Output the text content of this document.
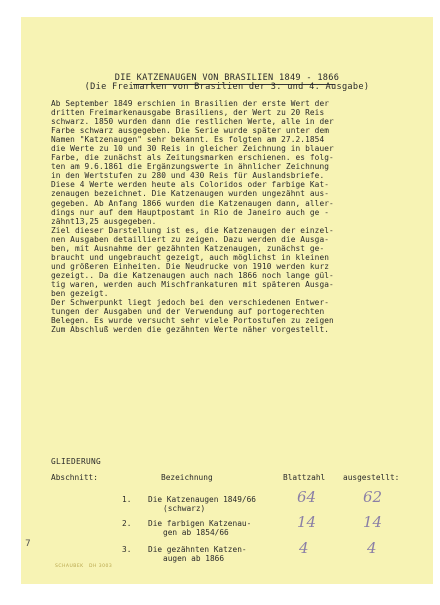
7
DIE KATZENAUGEN VON BRASILIEN 1849 - 1866
(Die Freimarken von Brasilien der 3. und 4. Ausgabe)
Ab September 1849 erschien in Brasilien der erste Wert der
dritten Freimarkenausgabe Brasiliens, der Wert zu 20 Reis
schwarz. 1850 wurden dann die restlichen Werte, alle in der
Farbe schwarz ausgegeben. Die Serie wurde später unter dem
Namen "Katzenaugen" sehr bekannt. Es folgten am 27.2.1854
die Werte zu 10 und 30 Reis in gleicher Zeichnung in blauer
Farbe, die zunächst als Zeitungsmarken erschienen. es folg-
ten am 9.6.1861 die Ergänzungswerte in ähnlicher Zeichnung
in den Wertstufen zu 280 und 430 Reis für Auslandsbriefe.
Diese 4 Werte werden heute als Coloridos oder farbige Kat-
zenaugen bezeichnet. Die Katzenaugen wurden ungezähnt aus-
gegeben. Ab Anfang 1866 wurden die Katzenaugen dann, aller-
dings nur auf dem Hauptpostamt in Rio de Janeiro auch ge -
zähnt13,25 ausgegeben.
Ziel dieser Darstellung ist es, die Katzenaugen der einzel-
nen Ausgaben detailliert zu zeigen. Dazu werden die Ausga-
ben, mit Ausnahme der gezähnten Katzenaugen, zunächst ge-
braucht und ungebraucht gezeigt, auch möglichst in kleinen
und größeren Einheiten. Die Neudrucke von 1910 werden kurz
gezeigt.. Da die Katzenaugen auch nach 1866 noch lange gül-
tig waren, werden auch Mischfrankaturen mit späteren Ausga-
ben gezeigt.
Der Schwerpunkt liegt jedoch bei den verschiedenen Entwer-
tungen der Ausgaben und der Verwendung auf portogerechten
Belegen. Es wurde versucht sehr viele Portostufen zu zeigen
Zum Abschluß werden die gezähnten Werte näher vorgestellt.
GLIEDERUNG
Abschnitt:	Bezeichnung	Blattzahl ausgestellt:
1. Die Katzenaugen 1849/66
(schwarz)
64	62
2. Die farbigen Katzenau-
gen ab 1854/66
14	14
3. Die gezähnten Katzen-
augen ab 1866
4	4
SCHAUBEK DH 3003
